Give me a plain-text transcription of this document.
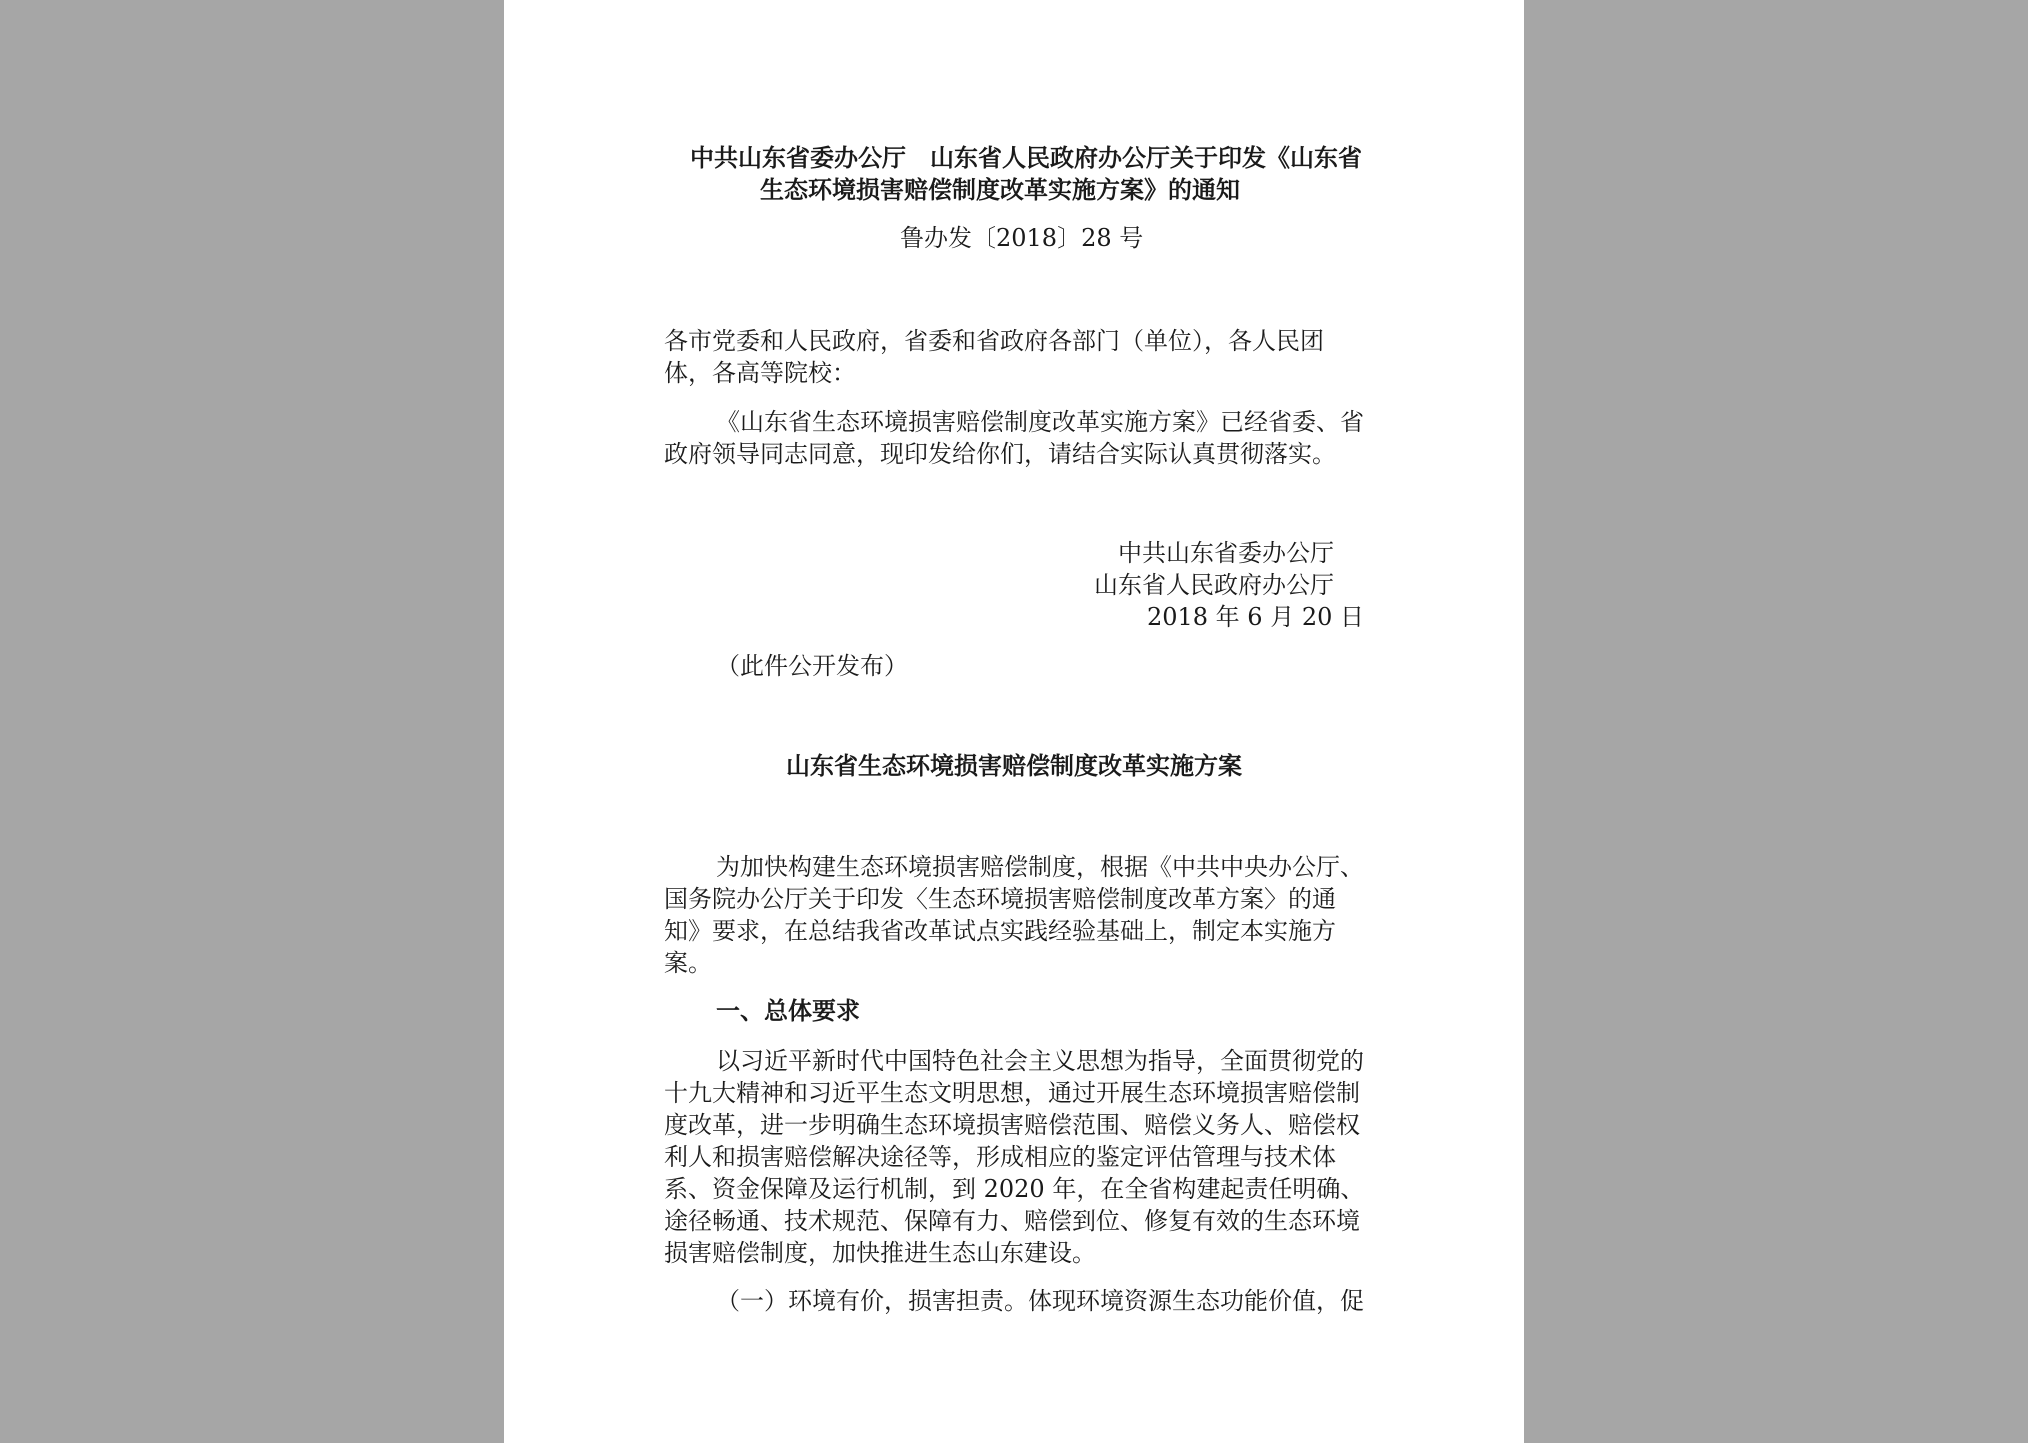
中共山东省委办公厅　山东省人民政府办公厅关于印发《山东省

生态环境损害赔偿制度改革实施方案》的通知

鲁办发〔2018〕28 号

各市党委和人民政府，省委和省政府各部门（单位），各人民团

体，各高等院校：

《山东省生态环境损害赔偿制度改革实施方案》已经省委、省

政府领导同志同意，现印发给你们，请结合实际认真贯彻落实。

中共山东省委办公厅

山东省人民政府办公厅

2018 年 6 月 20 日

（此件公开发布）

山东省生态环境损害赔偿制度改革实施方案

为加快构建生态环境损害赔偿制度，根据《中共中央办公厅、

国务院办公厅关于印发〈生态环境损害赔偿制度改革方案〉的通

知》要求，在总结我省改革试点实践经验基础上，制定本实施方

案。

一、总体要求

以习近平新时代中国特色社会主义思想为指导，全面贯彻党的

十九大精神和习近平生态文明思想，通过开展生态环境损害赔偿制

度改革，进一步明确生态环境损害赔偿范围、赔偿义务人、赔偿权

利人和损害赔偿解决途径等，形成相应的鉴定评估管理与技术体

系、资金保障及运行机制，到 2020 年，在全省构建起责任明确、

途径畅通、技术规范、保障有力、赔偿到位、修复有效的生态环境

损害赔偿制度，加快推进生态山东建设。

（一）环境有价，损害担责。体现环境资源生态功能价值，促
